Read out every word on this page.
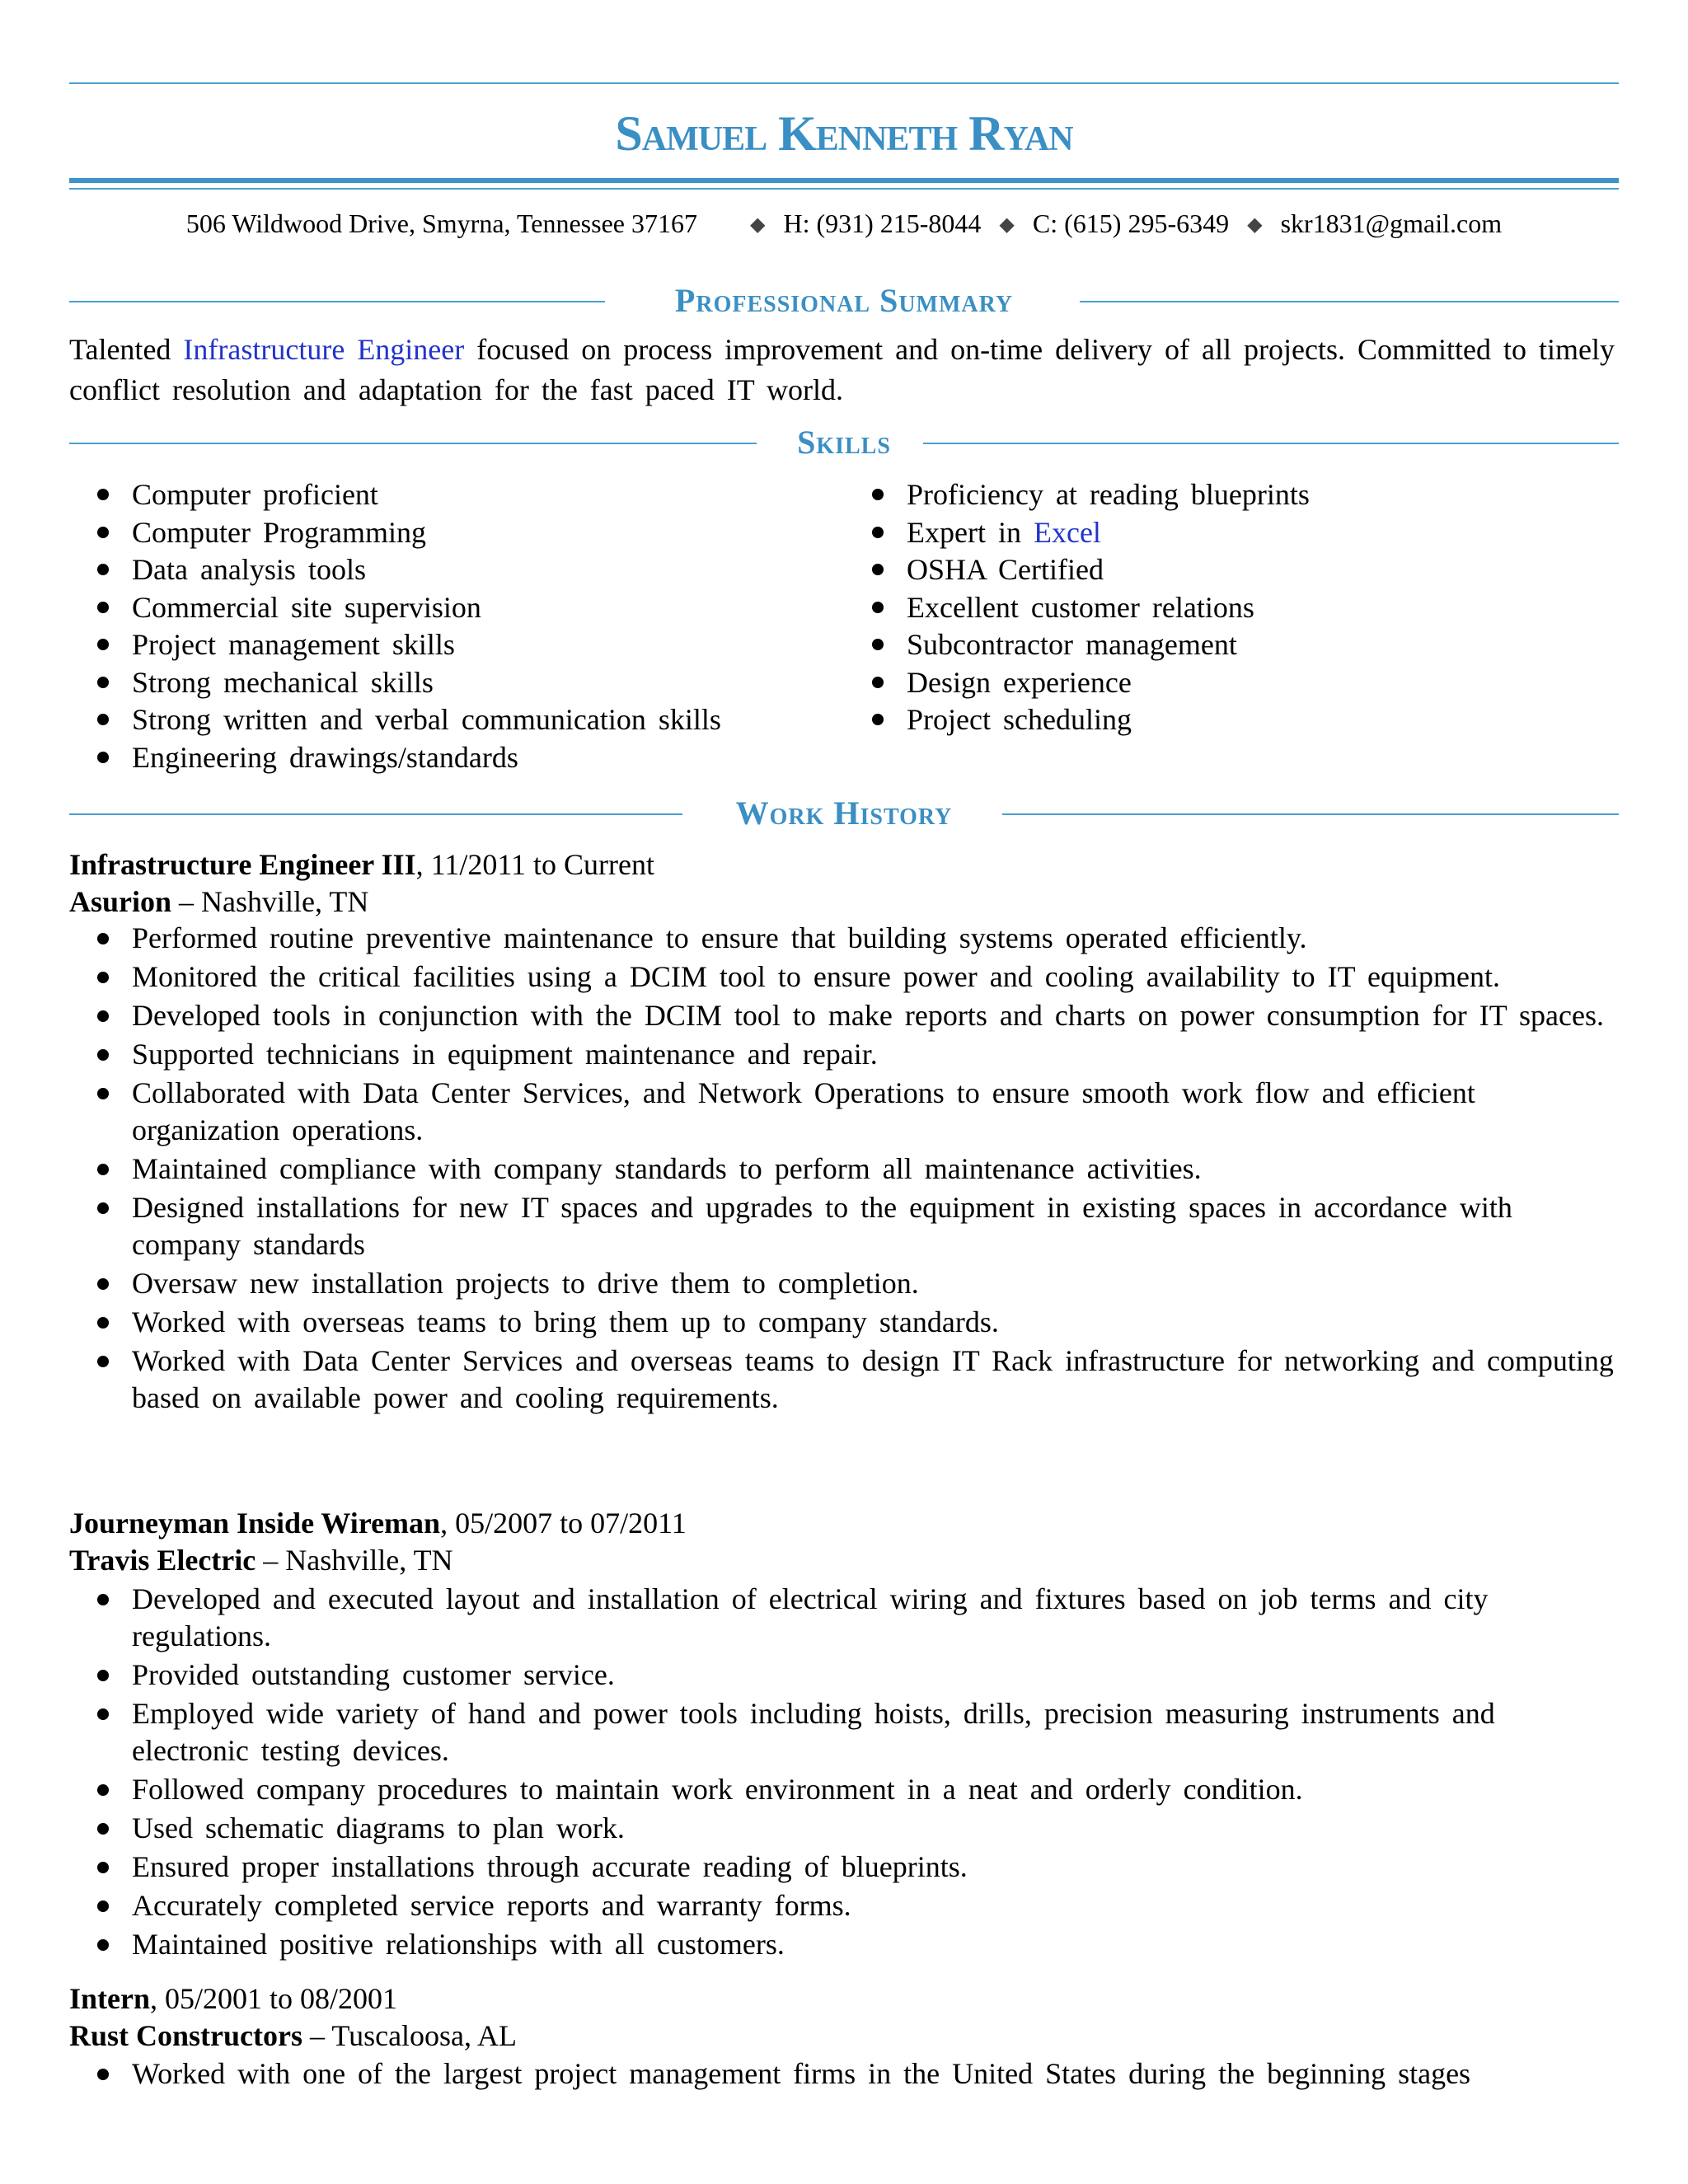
Samuel Kenneth Ryan
506 Wildwood Drive, Smyrna, Tennessee 37167	◆ H: (931) 215-8044 ◆ C: (615) 295-6349 ◆ skr1831@gmail.com
Professional Summary
Talented Infrastructure Engineer focused on process improvement and on-time delivery of all projects. Committed to timely conflict resolution and adaptation for the fast paced IT world.
Skills
Computer proficient
Computer Programming
Data analysis tools
Commercial site supervision
Project management skills
Strong mechanical skills
Strong written and verbal communication skills
Engineering drawings/standards
Proficiency at reading blueprints
Expert in Excel
OSHA Certified
Excellent customer relations
Subcontractor management
Design experience
Project scheduling
Work History
Infrastructure Engineer III, 11/2011 to Current
Asurion – Nashville, TN
Performed routine preventive maintenance to ensure that building systems operated efficiently.
Monitored the critical facilities using a DCIM tool to ensure power and cooling availability to IT equipment.
Developed tools in conjunction with the DCIM tool to make reports and charts on power consumption for IT spaces.
Supported technicians in equipment maintenance and repair.
Collaborated with Data Center Services, and Network Operations to ensure smooth work flow and efficient organization operations.
Maintained compliance with company standards to perform all maintenance activities.
Designed installations for new IT spaces and upgrades to the equipment in existing spaces in accordance with company standards
Oversaw new installation projects to drive them to completion.
Worked with overseas teams to bring them up to company standards.
Worked with Data Center Services and overseas teams to design IT Rack infrastructure for networking and computing based on available power and cooling requirements.
Journeyman Inside Wireman, 05/2007 to 07/2011
Travis Electric – Nashville, TN
Developed and executed layout and installation of electrical wiring and fixtures based on job terms and city regulations.
Provided outstanding customer service.
Employed wide variety of hand and power tools including hoists, drills, precision measuring instruments and electronic testing devices.
Followed company procedures to maintain work environment in a neat and orderly condition.
Used schematic diagrams to plan work.
Ensured proper installations through accurate reading of blueprints.
Accurately completed service reports and warranty forms.
Maintained positive relationships with all customers.
Intern, 05/2001 to 08/2001
Rust Constructors – Tuscaloosa, AL
Worked with one of the largest project management firms in the United States during the beginning stages
